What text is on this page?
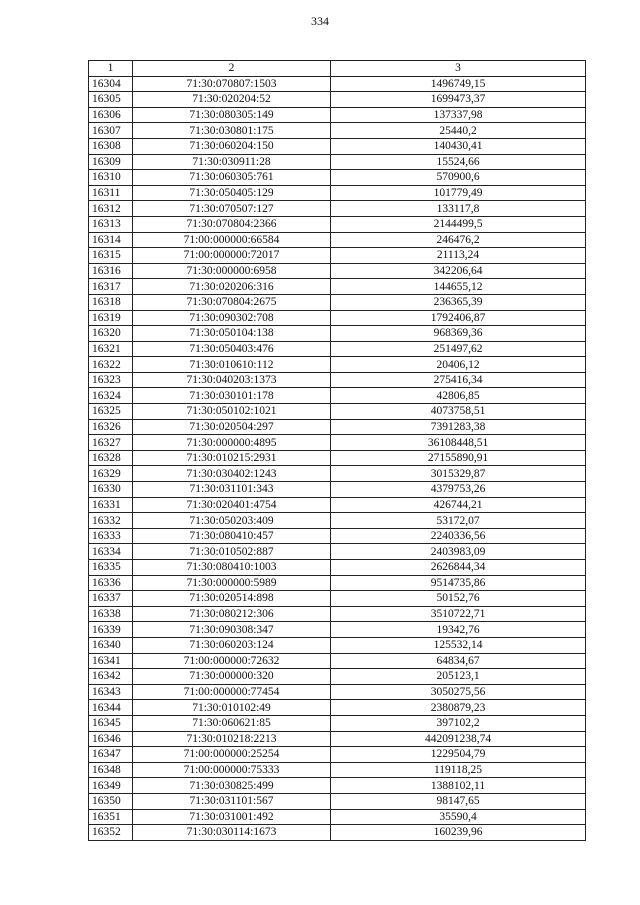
334
1	2	3
16304	71:30:070807:1503	1496749,15
16305	71:30:020204:52	1699473,37
16306	71:30:080305:149	137337,98
16307	71:30:030801:175	25440,2
16308	71:30:060204:150	140430,41
16309	71:30:030911:28	15524,66
16310	71:30:060305:761	570900,6
16311	71:30:050405:129	101779,49
16312	71:30:070507:127	133117,8
16313	71:30:070804:2366	2144499,5
16314	71:00:000000:66584	246476,2
16315	71:00:000000:72017	21113,24
16316	71:30:000000:6958	342206,64
16317	71:30:020206:316	144655,12
16318	71:30:070804:2675	236365,39
16319	71:30:090302:708	1792406,87
16320	71:30:050104:138	968369,36
16321	71:30:050403:476	251497,62
16322	71:30:010610:112	20406,12
16323	71:30:040203:1373	275416,34
16324	71:30:030101:178	42806,85
16325	71:30:050102:1021	4073758,51
16326	71:30:020504:297	7391283,38
16327	71:30:000000:4895	36108448,51
16328	71:30:010215:2931	27155890,91
16329	71:30:030402:1243	3015329,87
16330	71:30:031101:343	4379753,26
16331	71:30:020401:4754	426744,21
16332	71:30:050203:409	53172,07
16333	71:30:080410:457	2240336,56
16334	71:30:010502:887	2403983,09
16335	71:30:080410:1003	2626844,34
16336	71:30:000000:5989	9514735,86
16337	71:30:020514:898	50152,76
16338	71:30:080212:306	3510722,71
16339	71:30:090308:347	19342,76
16340	71:30:060203:124	125532,14
16341	71:00:000000:72632	64834,67
16342	71:30:000000:320	205123,1
16343	71:00:000000:77454	3050275,56
16344	71:30:010102:49	2380879,23
16345	71:30:060621:85	397102,2
16346	71:30:010218:2213	442091238,74
16347	71:00:000000:25254	1229504,79
16348	71:00:000000:75333	119118,25
16349	71:30:030825:499	1388102,11
16350	71:30:031101:567	98147,65
16351	71:30:031001:492	35590,4
16352	71:30:030114:1673	160239,96
